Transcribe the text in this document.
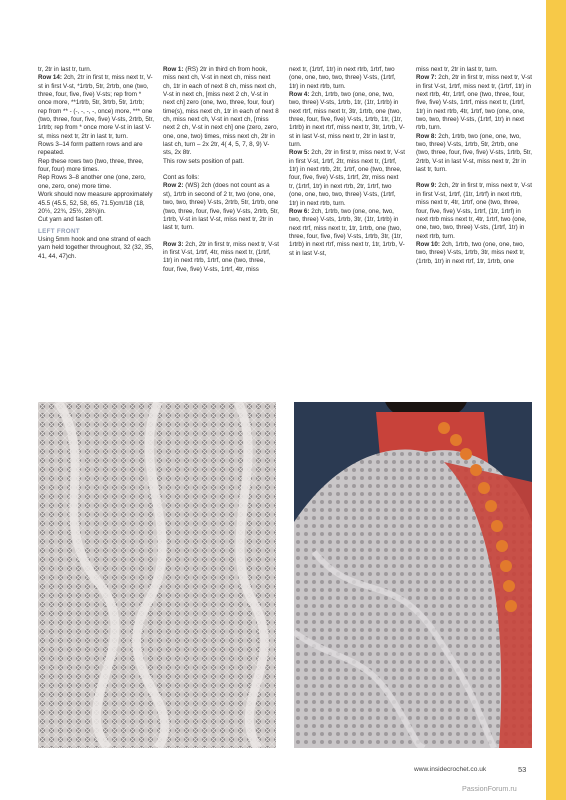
tr, 2tr in last tr, turn.
Row 14: 2ch, 2tr in first tr, miss next tr, V-st in first V-st, *1rtrb, 5tr, 2rtrb, one (two, three, four, five, five) V-sts; rep from * once more, **1rtrb, 5tr, 3rtrb, 5tr, 1rtrb; rep from ** - (-, -, -, -, once) more, *** one (two, three, four, five, five) V-sts, 2rtrb, 5tr, 1rtrb; rep from * once more V-st in last V-st, miss next tr, 2tr in last tr, turn.
Rows 3–14 form pattern rows and are repeated.
Rep these rows two (two, three, three, four, four) more times.
Rep Rows 3–8 another one (one, zero, one, zero, one) more time.
Work should now measure approximately 45.5 (45.5, 52, 58, 65, 71.5)cm/18 (18, 20½, 22¾, 25½, 28¾)in.
Cut yarn and fasten off.
LEFT FRONT
Using 5mm hook and one strand of each yarn held together throughout, 32 (32, 35, 41, 44, 47)ch.
Row 1: (RS) 2tr in third ch from hook, miss next ch, V-st in next ch, miss next ch, 1tr in each of next 8 ch, miss next ch, V-st in next ch, [miss next 2 ch, V-st in next ch] zero (one, two, three, four, four) time(s), miss next ch, 1tr in each of next 8 ch, miss next ch, V-st in next ch, [miss next 2 ch, V-st in next ch] one (zero, zero, one, one, two) times, miss next ch, 2tr in last ch, turn – 2x 2tr, 4( 4, 5, 7, 8, 9) V-sts, 2x 8tr.
This row sets position of patt.
Cont as folls:
Row 2: (WS) 2ch (does not count as a st), 1rtrb in second of 2 tr, two (one, one, two, two, three) V-sts, 2rtrb, 5tr, 1rtrb, one (two, three, four, five, five) V-sts, 2rtrb, 5tr, 1rtrb, V-st in last V-st, miss next tr, 2tr in last tr, turn.
Row 3: 2ch, 2tr in first tr, miss next tr, V-st in first V-st, 1rtrf, 4tr, miss next tr, (1rtrf, 1tr) in next rtrb, 1rtrf, one (two, three, four, five, five) V-sts, 1rtrf, 4tr, miss
next tr, (1rtrf, 1tr) in next rtrb, 1rtrf, two (one, one, two, two, three) V-sts, (1rtrf, 1tr) in next rtrb, turn.
Row 4: 2ch, 1rtrb, two (one, one, two, two, three) V-sts, 1rtrb, 1tr, (1tr, 1rtrb) in next rtrf, miss next tr, 3tr, 1rtrb, one (two, three, four, five, five) V-sts, 1rtrb, 1tr, (1tr, 1rtrb) in next rtrf, miss next tr, 3tr, 1rtrb, V-st in last V-st, miss next tr, 2tr in last tr, turn.
Row 5: 2ch, 2tr in first tr, miss next tr, V-st in first V-st, 1rtrf, 2tr, miss next tr, (1rtrf, 1tr) in next rtrb, 2tr, 1rtrf, one (two, three, four, five, five) V-sts, 1rtrf, 2tr, miss next tr, (1rtrf, 1tr) in next rtrb, 2tr, 1rtrf, two (one, one, two, two, three) V-sts, (1rtrf, 1tr) in next rtrb, turn.
Row 6: 2ch, 1rtrb, two (one, one, two, two, three) V-sts, 1rtrb, 3tr, (1tr, 1rtrb) in next rtrf, miss next tr, 1tr, 1rtrb, one (two, three, four, five, five) V-sts, 1rtrb, 3tr, (1tr, 1rtrb) in next rtrf, miss next tr, 1tr, 1rtrb, V-st in last V-st,
miss next tr, 2tr in last tr, turn.
Row 7: 2ch, 2tr in first tr, miss next tr, V-st in first V-st, 1rtrf, miss next tr, (1rtrf, 1tr) in next rtrb, 4tr, 1rtrf, one (two, three, four, five, five) V-sts, 1rtrf, miss next tr, (1rtrf, 1tr) in next rtrb, 4tr, 1rtrf, two (one, one, two, two, three) V-sts, (1rtrf, 1tr) in next rtrb, turn.
Row 8: 2ch, 1rtrb, two (one, one, two, two, three) V-sts, 1rtrb, 5tr, 2rtrb, one (two, three, four, five, five) V-sts, 1rtrb, 5tr, 2rtrb, V-st in last V-st, miss next tr, 2tr in last tr, turn.
Row 9: 2ch, 2tr in first tr, miss next tr, V-st in first V-st, 1rtrf, (1tr, 1rtrf) in next rtrb, miss next tr, 4tr, 1rtrf, one (two, three, four, five, five) V-sts, 1rtrf, (1tr, 1rtrf) in next rtrb miss next tr, 4tr, 1rtrf, two (one, one, two, two, three) V-sts, (1rtrf, 1tr) in next rtrb, turn.
Row 10: 2ch, 1rtrb, two (one, one, two, two, three) V-sts, 1rtrb, 3tr, miss next tr, (1rtrb, 1tr) in next rtrf, 1tr, 1rtrb, one
www.insidecrochet.co.uk	53
PassionForum.ru
